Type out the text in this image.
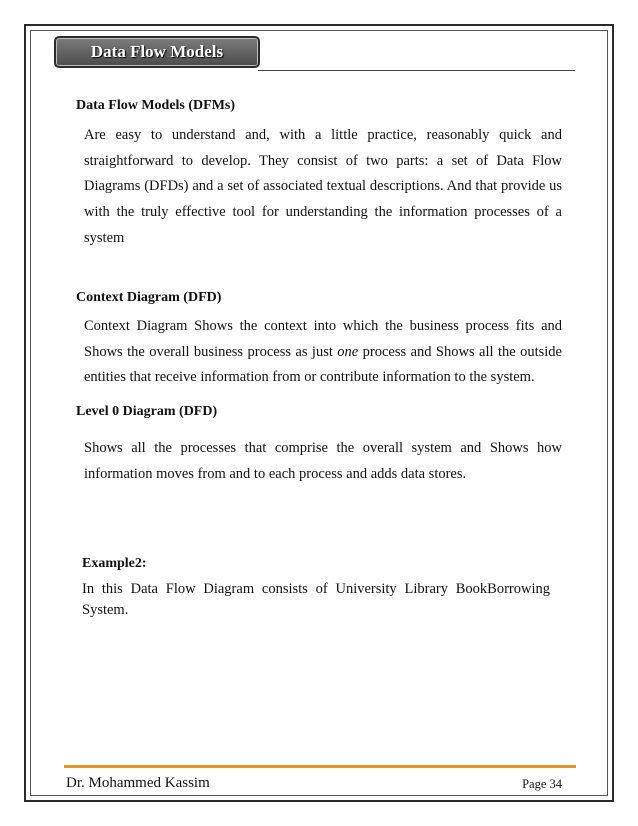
Data Flow Models
Data Flow Models (DFMs)
Are easy to understand and, with a little practice, reasonably quick and straightforward to develop. They consist of two parts: a set of Data Flow Diagrams (DFDs) and a set of associated textual descriptions. And that provide us with the truly effective tool for understanding the information processes of a system
Context Diagram (DFD)
Context Diagram Shows the context into which the business process fits and Shows the overall business process as just one process and Shows all the outside entities that receive information from or contribute information to the system.
Level 0 Diagram (DFD)
Shows all the processes that comprise the overall system and Shows how information moves from and to each process and adds data stores.
Example2:
In this Data Flow Diagram consists of University Library BookBorrowing System.
Dr. Mohammed Kassim	Page 34
